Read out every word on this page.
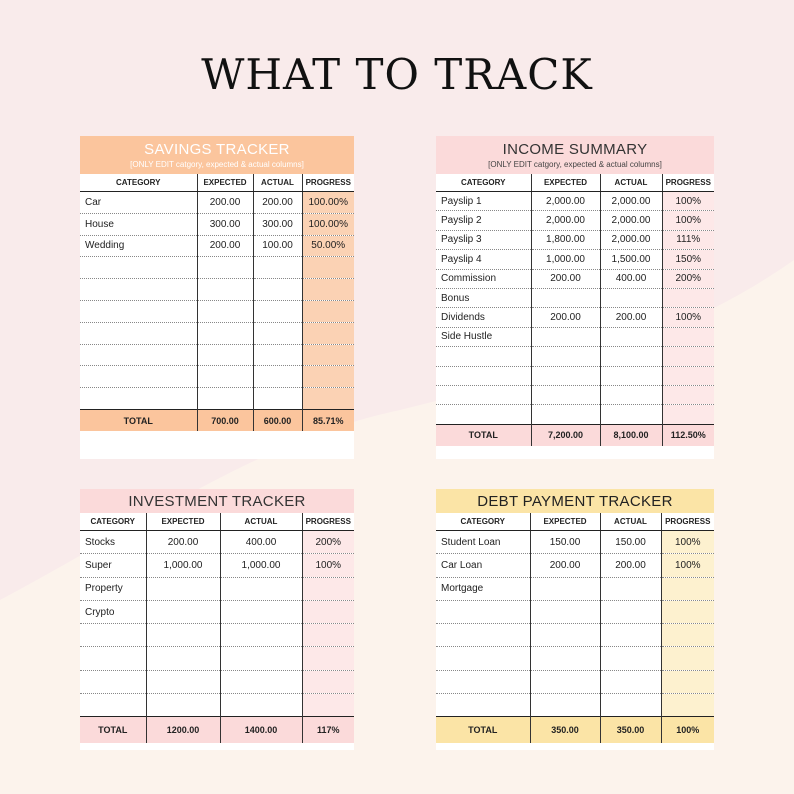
WHAT TO TRACK
SAVINGS TRACKER
[ONLY EDIT catgory, expected & actual columns]
CATEGORY	EXPECTED	ACTUAL	PROGRESS
Car	200.00	200.00	100.00%
House	300.00	300.00	100.00%
Wedding	200.00	100.00	50.00%

TOTAL	700.00	600.00	85.71%
INCOME SUMMARY
[ONLY EDIT catgory, expected & actual columns]
CATEGORY	EXPECTED	ACTUAL	PROGRESS
Payslip 1	2,000.00	2,000.00	100%
Payslip 2	2,000.00	2,000.00	100%
Payslip 3	1,800.00	2,000.00	111%
Payslip 4	1,000.00	1,500.00	150%
Commission	200.00	400.00	200%
Bonus			
Dividends	200.00	200.00	100%
Side Hustle			

TOTAL	7,200.00	8,100.00	112.50%
INVESTMENT TRACKER
CATEGORY	EXPECTED	ACTUAL	PROGRESS
Stocks	200.00	400.00	200%
Super	1,000.00	1,000.00	100%
Property			
Crypto			

TOTAL	1200.00	1400.00	117%
DEBT PAYMENT TRACKER
CATEGORY	EXPECTED	ACTUAL	PROGRESS
Student Loan	150.00	150.00	100%
Car Loan	200.00	200.00	100%
Mortgage			

TOTAL	350.00	350.00	100%
